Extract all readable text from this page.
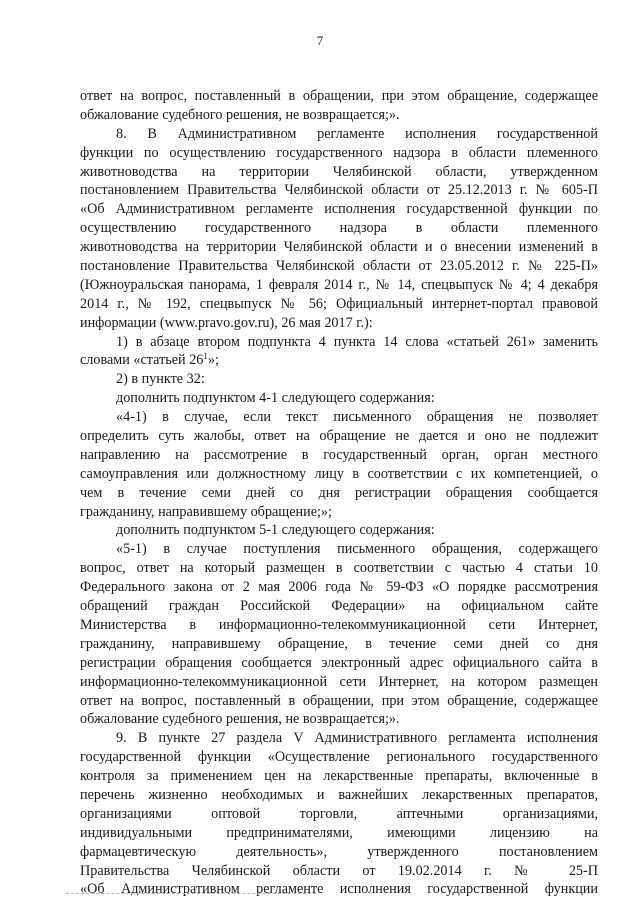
7
ответ на вопрос, поставленный в обращении, при этом обращение, содержащее
обжалование судебного решения, не возвращается;».
8. В Административном регламенте исполнения государственной
функции по осуществлению государственного надзора в области племенного
животноводства на территории Челябинской области, утвержденном
постановлением Правительства Челябинской области от 25.12.2013 г. № 605-П
«Об Административном регламенте исполнения государственной функции по
осуществлению государственного надзора в области племенного
животноводства на территории Челябинской области и о внесении изменений в
постановление Правительства Челябинской области от 23.05.2012 г. № 225-П»
(Южноуральская панорама, 1 февраля 2014 г., № 14, спецвыпуск № 4; 4 декабря
2014 г., № 192, спецвыпуск № 56; Официальный интернет-портал правовой
информации (www.pravo.gov.ru), 26 мая 2017 г.):
1) в абзаце втором подпункта 4 пункта 14 слова «статьей 261» заменить
словами «статьей $26^1$»;
2) в пункте 32:
дополнить подпунктом 4-1 следующего содержания:
«4-1) в случае, если текст письменного обращения не позволяет
определить суть жалобы, ответ на обращение не дается и оно не подлежит
направлению на рассмотрение в государственный орган, орган местного
самоуправления или должностному лицу в соответствии с их компетенцией, о
чем в течение семи дней со дня регистрации обращения сообщается
гражданину, направившему обращение;»;
дополнить подпунктом 5-1 следующего содержания:
«5-1) в случае поступления письменного обращения, содержащего
вопрос, ответ на который размещен в соответствии с частью 4 статьи 10
Федерального закона от 2 мая 2006 года № 59-ФЗ «О порядке рассмотрения
обращений граждан Российской Федерации» на официальном сайте
Министерства в информационно-телекоммуникационной сети Интернет,
гражданину, направившему обращение, в течение семи дней со дня
регистрации обращения сообщается электронный адрес официального сайта в
информационно-телекоммуникационной сети Интернет, на котором размещен
ответ на вопрос, поставленный в обращении, при этом обращение, содержащее
обжалование судебного решения, не возвращается;».
9. В пункте 27 раздела V Административного регламента исполнения
государственной функции «Осуществление регионального государственного
контроля за применением цен на лекарственные препараты, включенные в
перечень жизненно необходимых и важнейших лекарственных препаратов,
организациями оптовой торговли, аптечными организациями,
индивидуальными предпринимателями, имеющими лицензию на
фармацевтическую деятельность», утвержденного постановлением
Правительства Челябинской области от 19.02.2014 г. № 25-П
«Об Административном регламенте исполнения государственной функции
